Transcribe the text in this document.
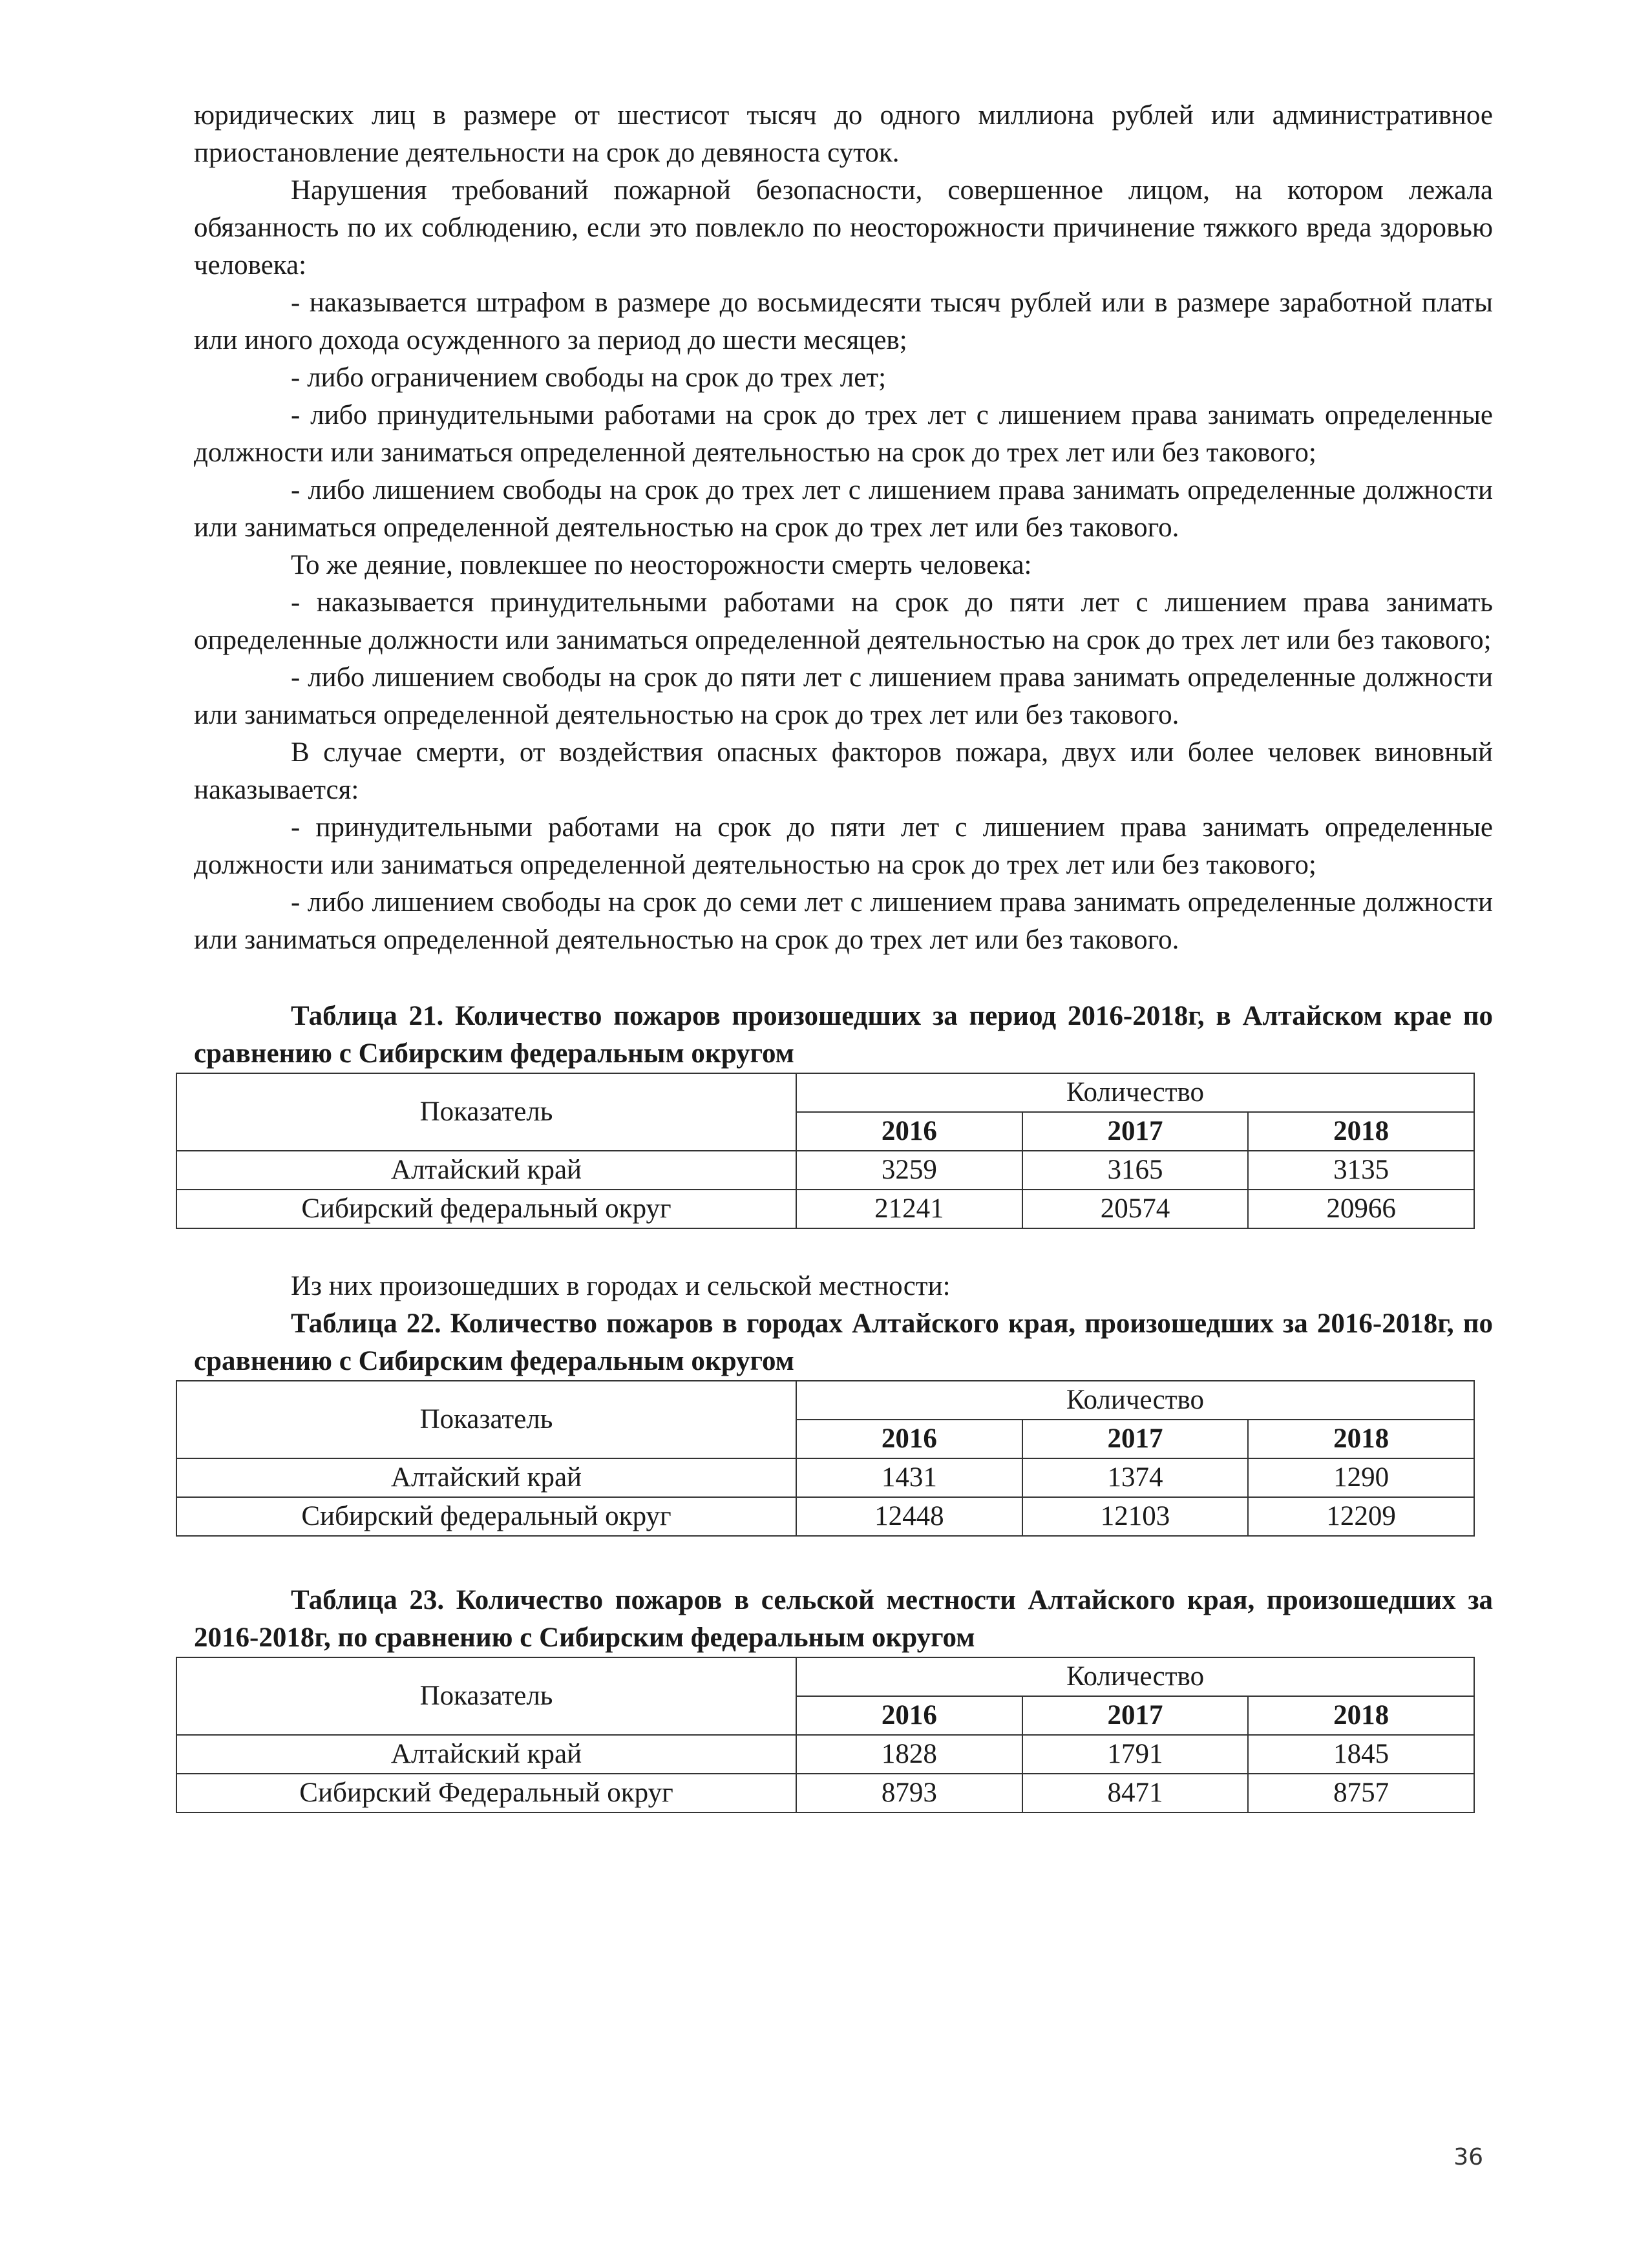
юридических лиц в размере от шестисот тысяч до одного миллиона рублей или административное приостановление деятельности на срок до девяноста суток.

Нарушения требований пожарной безопасности, совершенное лицом, на котором лежала обязанность по их соблюдению, если это повлекло по неосторожности причинение тяжкого вреда здоровью человека:

- наказывается штрафом в размере до восьмидесяти тысяч рублей или в размере заработной платы или иного дохода осужденного за период до шести месяцев;

- либо ограничением свободы на срок до трех лет;

- либо принудительными работами на срок до трех лет с лишением права занимать определенные должности или заниматься определенной деятельностью на срок до трех лет или без такового;

- либо лишением свободы на срок до трех лет с лишением права занимать определенные должности или заниматься определенной деятельностью на срок до трех лет или без такового.

То же деяние, повлекшее по неосторожности смерть человека:

- наказывается принудительными работами на срок до пяти лет с лишением права занимать определенные должности или заниматься определенной деятельностью на срок до трех лет или без такового;

- либо лишением свободы на срок до пяти лет с лишением права занимать определенные должности или заниматься определенной деятельностью на срок до трех лет или без такового.

В случае смерти, от воздействия опасных факторов пожара, двух или более человек виновный наказывается:

- принудительными работами на срок до пяти лет с лишением права занимать определенные должности или заниматься определенной деятельностью на срок до трех лет или без такового;

- либо лишением свободы на срок до семи лет с лишением права занимать определенные должности или заниматься определенной деятельностью на срок до трех лет или без такового.

Таблица 21. Количество пожаров произошедших за период 2016-2018г, в Алтайском крае по сравнению с Сибирским федеральным округом

Показатель	Количество		
	2016	2017	2018
Алтайский край	3259	3165	3135
Сибирский федеральный округ	21241	20574	20966

Из них произошедших в городах и сельской местности:

Таблица 22. Количество пожаров в городах Алтайского края, произошедших за 2016-2018г, по сравнению с Сибирским федеральным округом

Показатель	Количество		
	2016	2017	2018
Алтайский край	1431	1374	1290
Сибирский федеральный округ	12448	12103	12209

Таблица 23. Количество пожаров в сельской местности Алтайского края, произошедших за 2016-2018г, по сравнению с Сибирским федеральным округом

Показатель	Количество		
	2016	2017	2018
Алтайский край	1828	1791	1845
Сибирский Федеральный округ	8793	8471	8757
36
